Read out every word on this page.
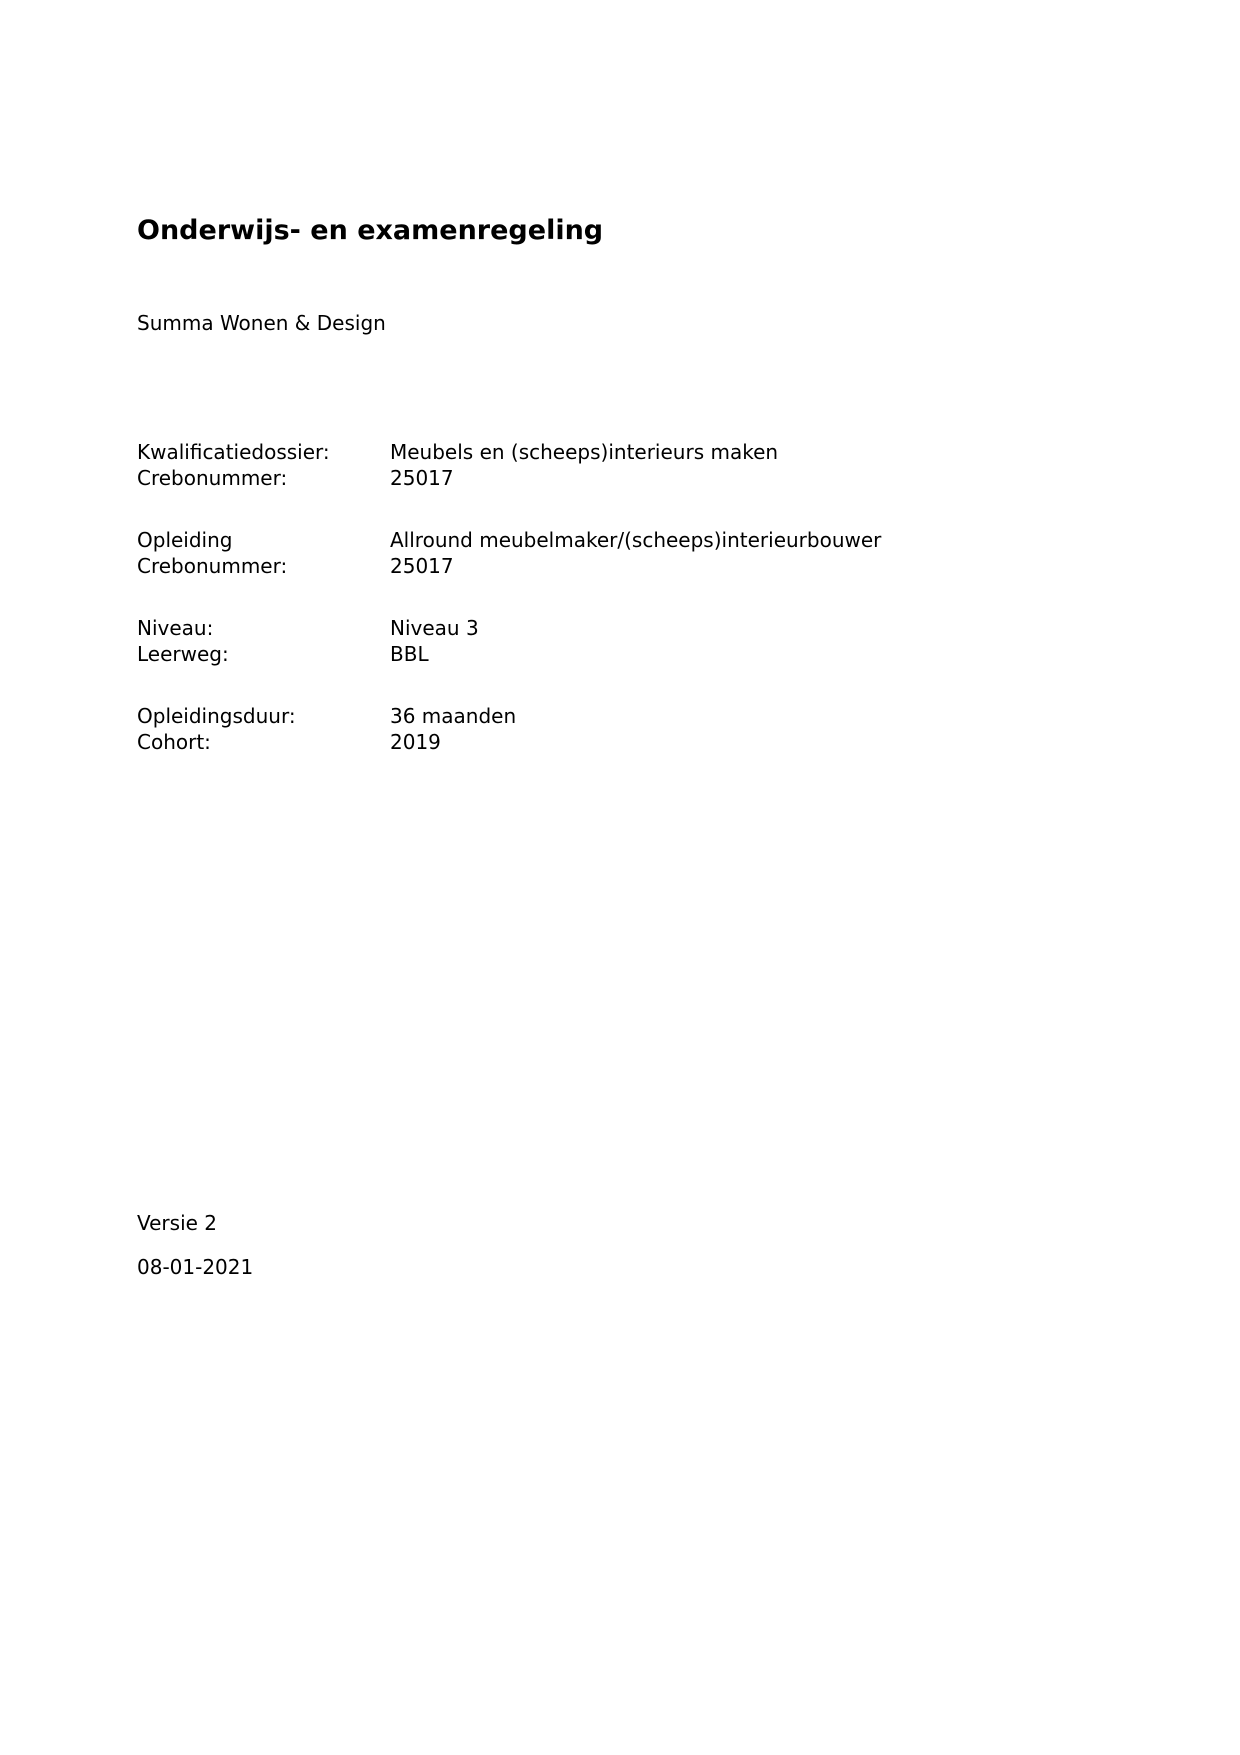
Onderwijs- en examenregeling
Summa Wonen & Design
Kwalificatiedossier:	Meubels en (scheeps)interieurs maken
Crebonummer:	25017
Opleiding	Allround meubelmaker/(scheeps)interieurbouwer
Crebonummer:	25017
Niveau:	Niveau 3
Leerweg:	BBL
Opleidingsduur:	36 maanden
Cohort:	2019
Versie 2
08-01-2021
